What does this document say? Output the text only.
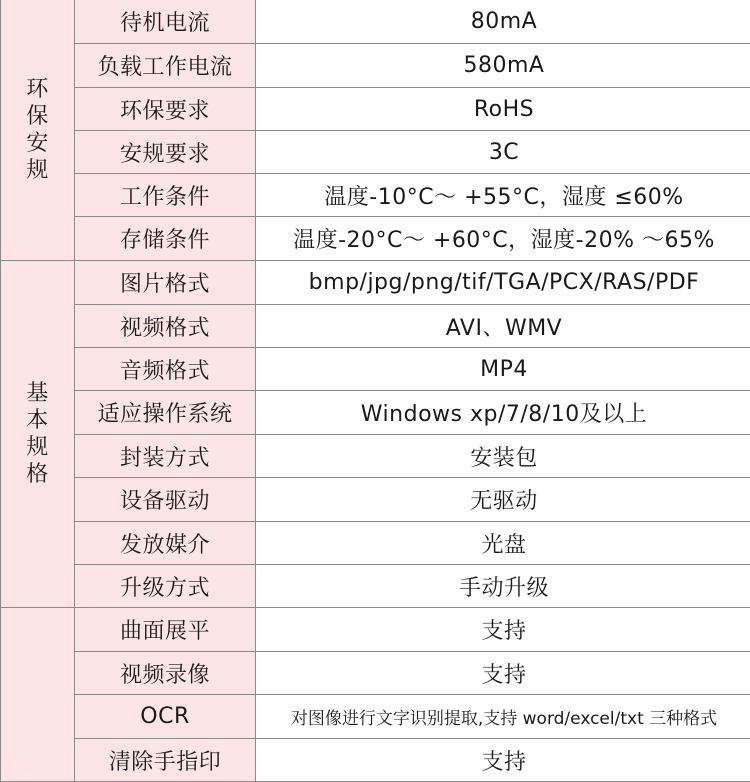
环保安规	待机电流	80mA
	负载工作电流	580mA
	环保要求	RoHS
	安规要求	3C
	工作条件	温度-10°C～ +55°C，湿度 ≤60%
	存储条件	温度-20°C～ +60°C，湿度-20% ～65%
基本规格	图片格式	bmp/jpg/png/tif/TGA/PCX/RAS/PDF
	视频格式	AVI、WMV
	音频格式	MP4
	适应操作系统	Windows xp/7/8/10及以上
	封装方式	安装包
	设备驱动	无驱动
	发放媒介	光盘
	升级方式	手动升级
	曲面展平	支持
	视频录像	支持
	OCR	对图像进行文字识别提取,支持 word/excel/txt 三种格式
	清除手指印	支持
